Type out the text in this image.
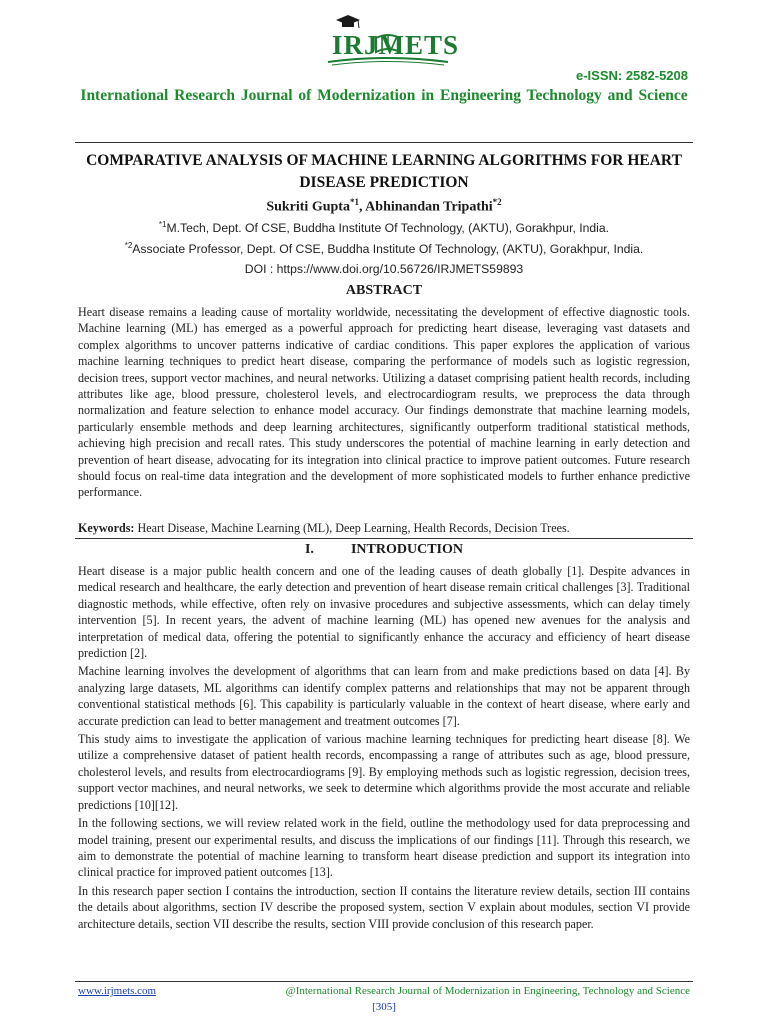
IRJMETS
e-ISSN: 2582-5208
International Research Journal of Modernization in Engineering Technology and Science
COMPARATIVE ANALYSIS OF MACHINE LEARNING ALGORITHMS FOR HEART DISEASE PREDICTION
Sukriti Gupta$^{*1}$, Abhinandan Tripathi$^{*2}$
$^{*1}$M.Tech, Dept. Of CSE, Buddha Institute Of Technology, (AKTU), Gorakhpur, India.
$^{*2}$Associate Professor, Dept. Of CSE, Buddha Institute Of Technology, (AKTU), Gorakhpur, India.
DOI : https://www.doi.org/10.56726/IRJMETS59893
ABSTRACT

Heart disease remains a leading cause of mortality worldwide, necessitating the development of effective diagnostic tools. Machine learning (ML) has emerged as a powerful approach for predicting heart disease, leveraging vast datasets and complex algorithms to uncover patterns indicative of cardiac conditions. This paper explores the application of various machine learning techniques to predict heart disease, comparing the performance of models such as logistic regression, decision trees, support vector machines, and neural networks. Utilizing a dataset comprising patient health records, including attributes like age, blood pressure, cholesterol levels, and electrocardiogram results, we preprocess the data through normalization and feature selection to enhance model accuracy. Our findings demonstrate that machine learning models, particularly ensemble methods and deep learning architectures, significantly outperform traditional statistical methods, achieving high precision and recall rates. This study underscores the potential of machine learning in early detection and prevention of heart disease, advocating for its integration into clinical practice to improve patient outcomes. Future research should focus on real-time data integration and the development of more sophisticated models to further enhance predictive performance.

Keywords: Heart Disease, Machine Learning (ML), Deep Learning, Health Records, Decision Trees.
I.	INTRODUCTION

Heart disease is a major public health concern and one of the leading causes of death globally [1]. Despite advances in medical research and healthcare, the early detection and prevention of heart disease remain critical challenges [3]. Traditional diagnostic methods, while effective, often rely on invasive procedures and subjective assessments, which can delay timely intervention [5]. In recent years, the advent of machine learning (ML) has opened new avenues for the analysis and interpretation of medical data, offering the potential to significantly enhance the accuracy and efficiency of heart disease prediction [2].

Machine learning involves the development of algorithms that can learn from and make predictions based on data [4]. By analyzing large datasets, ML algorithms can identify complex patterns and relationships that may not be apparent through conventional statistical methods [6]. This capability is particularly valuable in the context of heart disease, where early and accurate prediction can lead to better management and treatment outcomes [7].

This study aims to investigate the application of various machine learning techniques for predicting heart disease [8]. We utilize a comprehensive dataset of patient health records, encompassing a range of attributes such as age, blood pressure, cholesterol levels, and results from electrocardiograms [9]. By employing methods such as logistic regression, decision trees, support vector machines, and neural networks, we seek to determine which algorithms provide the most accurate and reliable predictions [10][12].

In the following sections, we will review related work in the field, outline the methodology used for data preprocessing and model training, present our experimental results, and discuss the implications of our findings [11]. Through this research, we aim to demonstrate the potential of machine learning to transform heart disease prediction and support its integration into clinical practice for improved patient outcomes [13].

In this research paper section I contains the introduction, section II contains the literature review details, section III contains the details about algorithms, section IV describe the proposed system, section V explain about modules, section VI provide architecture details, section VII describe the results, section VIII provide conclusion of this research paper.

www.irjmets.com	@International Research Journal of Modernization in Engineering, Technology and Science
[305]
